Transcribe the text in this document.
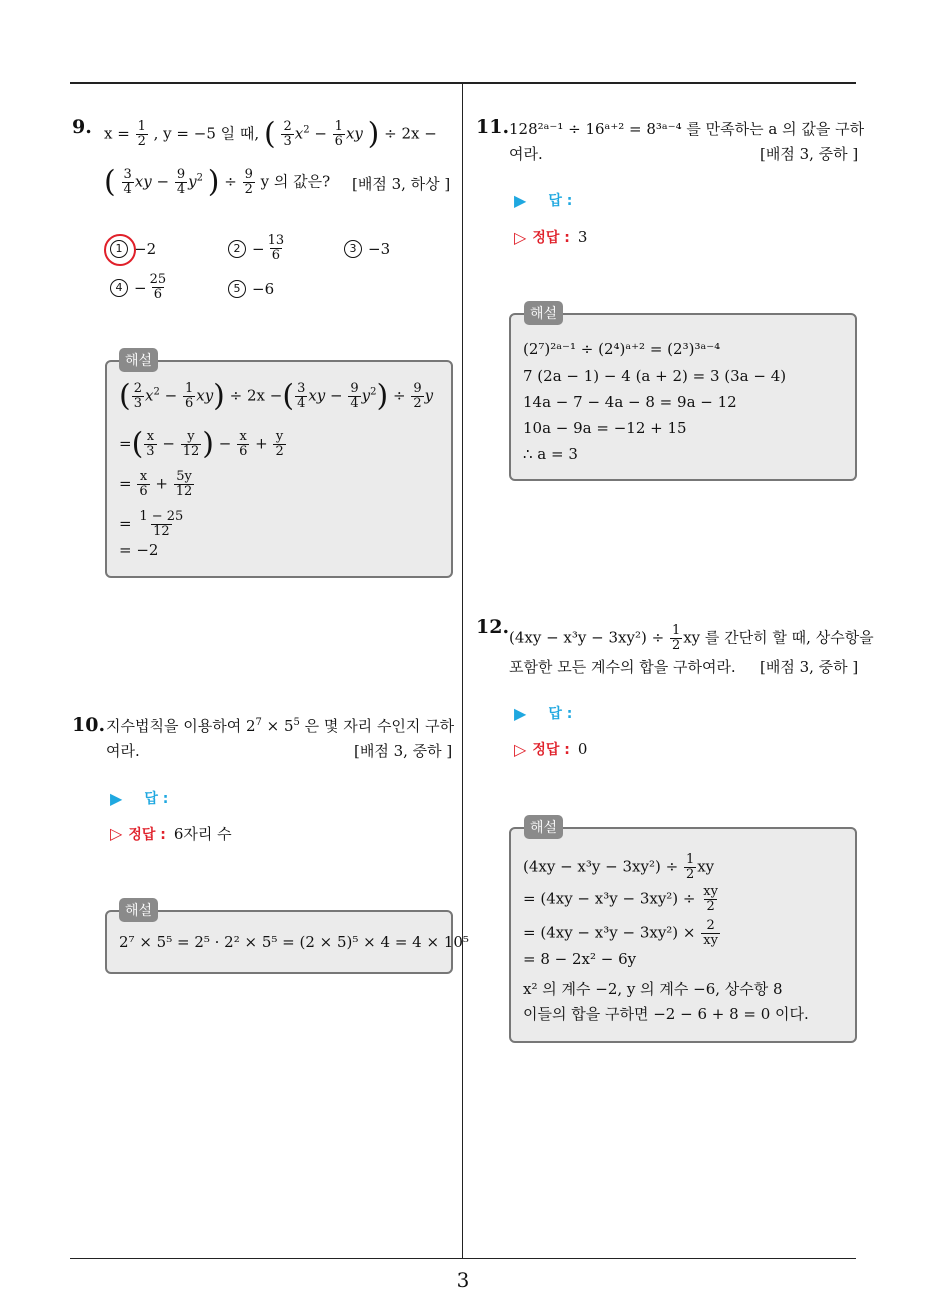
3
9. $x = \frac{1}{2}$ , y = −5 일 때, ( $\frac{2}{3} x^2 - \frac{1}{6}$ xy ) ÷ 2x −
( $\frac{3}{4}$ xy − $\frac{9}{4} y^2$ ) ÷ $\frac{9}{2}$ y 의 값은? [배점 3, 하상 ]
1 −2	$2 - \frac{13}{6}$	3 −3
$4 - \frac{25}{6}$	5 −6
( $\frac{2}{3} x^2 - \frac{1}{6} xy) \div 2x$ −( $\frac{3}{4}$ xy − $\frac{9}{4} y^2) \div \frac{9}{2}$ y
=( $\frac{x}{3} - \frac{y}{12}$ ) − $\frac{x}{6} + \frac{y}{2}$
= $\frac{x}{6} + \frac{5y}{12}$
= $\frac{1 - 25}{12}$
= −2
해설
10. 지수법칙을 이용하여 $2^7 \times 5^5$ 은 몇 자리 수인지 구하
여라.	[배점 3, 중하 ]
▶ 답 :
▷ 정답 : 6자리 수
2⁷ × 5⁵ = 2⁵ · 2² × 5⁵ = (2 × 5)⁵ × 4 = 4 × 10⁵
해설
11. 128²ᵃ⁻¹ ÷ 16ᵃ⁺² = 8³ᵃ⁻⁴ 를 만족하는 a 의 값을 구하
여라.	[배점 3, 중하 ]
▶ 답 :
▷ 정답 : 3
(2⁷)²ᵃ⁻¹ ÷ (2⁴)ᵃ⁺² = (2³)³ᵃ⁻⁴
7 (2a − 1) − 4 (a + 2) = 3 (3a − 4)
14a − 7 − 4a − 8 = 9a − 12
10a − 9a = −12 + 15
∴ a = 3
해설
12. $(4xy - x^3y - 3xy^2) \div \frac{1}{2}$ xy 를 간단히 할 때, 상수항을
포함한 모든 계수의 합을 구하여라. [배점 3, 중하 ]
▶ 답 :
▷ 정답 : 0
$(4xy - x^3y - 3xy^2) \div \frac{1}{2}$ xy
= $(4xy - x^3y - 3xy^2) \div \frac{xy}{2}$
= $(4xy - x^3y - 3xy^2) \times \frac{2}{xy}$
= 8 − 2x² − 6y
x² 의 계수 −2, y 의 계수 −6, 상수항 8
이들의 합을 구하면 −2 − 6 + 8 = 0 이다.
해설
